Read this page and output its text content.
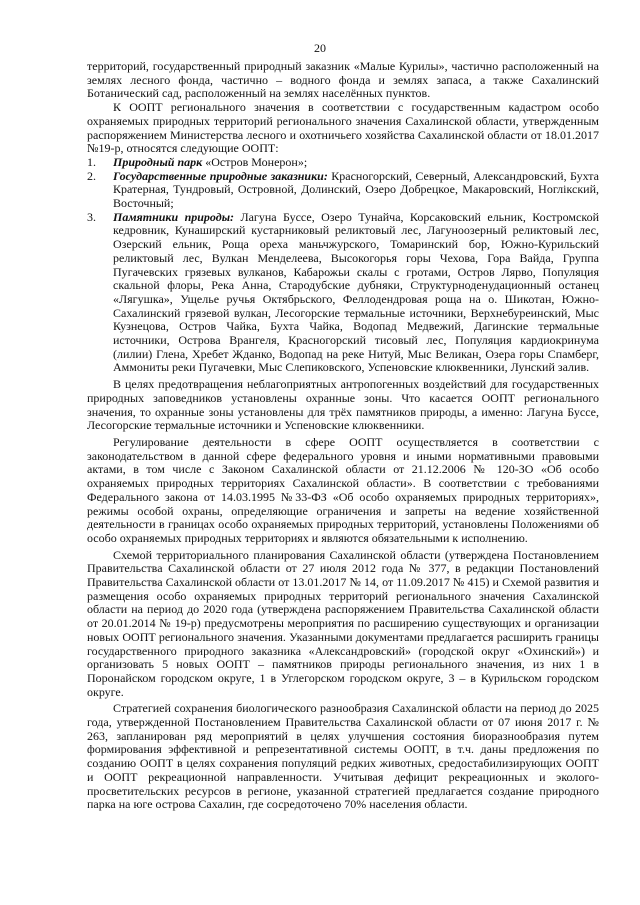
20

территорий, государственный природный заказник «Малые Курилы», частично расположенный на землях лесного фонда, частично – водного фонда и землях запаса, а также Сахалинский Ботанический сад, расположенный на землях населённых пунктов.

К ООПТ регионального значения в соответствии с государственным кадастром особо охраняемых природных территорий регионального значения Сахалинской области, утвержденным распоряжением Министерства лесного и охотничьего хозяйства Сахалинской области от 18.01.2017 №19-р, относятся следующие ООПТ:

1. Природный парк «Остров Монерон»;
2. Государственные природные заказники: Красногорский, Северный, Александровский, Бухта Кратерная, Тундровый, Островной, Долинский, Озеро Добрецкое, Макаровский, Ноглікский, Восточный;
3. Памятники природы: Лагуна Буссе, Озеро Тунайча, Корсаковский ельник, Костромской кедровник, Кунаширский кустарниковый реликтовый лес, Лагуноозерный реликтовый лес, Озерский ельник, Роща ореха маньчжурского, Томаринский бор, Южно-Курильский реликтовый лес, Вулкан Менделеева, Высокогорья горы Чехова, Гора Вайда, Группа Пугачевских грязевых вулканов, Кабарожьи скалы с гротами, Остров Лярво, Популяция скальной флоры, Река Анна, Стародубские дубняки, Структурноденудационный останец «Лягушка», Ущелье ручья Октябрьского, Феллодендровая роща на о. Шикотан, Южно-Сахалинский грязевой вулкан, Лесогорские термальные источники, Верхнебуреинский, Мыс Кузнецова, Остров Чайка, Бухта Чайка, Водопад Медвежий, Дагинские термальные источники, Острова Врангеля, Красногорский тисовый лес, Популяция кардиокринума (лилии) Глена, Хребет Жданко, Водопад на реке Нитуй, Мыс Великан, Озера горы Спамберг, Аммониты реки Пугачевки, Мыс Слепиковского, Успеновские клюквенники, Лунский залив.

В целях предотвращения неблагоприятных антропогенных воздействий для государственных природных заповедников установлены охранные зоны. Что касается ООПТ регионального значения, то охранные зоны установлены для трёх памятников природы, а именно: Лагуна Буссе, Лесогорские термальные источники и Успеновские клюквенники.

Регулирование деятельности в сфере ООПТ осуществляется в соответствии с законодательством в данной сфере федерального уровня и иными нормативными правовыми актами, в том числе с Законом Сахалинской области от 21.12.2006 № 120-ЗО «Об особо охраняемых природных территориях Сахалинской области». В соответствии с требованиями Федерального закона от 14.03.1995 №33-ФЗ «Об особо охраняемых природных территориях», режимы особой охраны, определяющие ограничения и запреты на ведение хозяйственной деятельности в границах особо охраняемых природных территорий, установлены Положениями об особо охраняемых природных территориях и являются обязательными к исполнению.

Схемой территориального планирования Сахалинской области (утверждена Постановлением Правительства Сахалинской области от 27 июля 2012 года № 377, в редакции Постановлений Правительства Сахалинской области от 13.01.2017 № 14, от 11.09.2017 № 415) и Схемой развития и размещения особо охраняемых природных территорий регионального значения Сахалинской области на период до 2020 года (утверждена распоряжением Правительства Сахалинской области от 20.01.2014 № 19-р) предусмотрены мероприятия по расширению существующих и организации новых ООПТ регионального значения. Указанными документами предлагается расширить границы государственного природного заказника «Александровский» (городской округ «Охинский») и организовать 5 новых ООПТ – памятников природы регионального значения, из них 1 в Поронайском городском округе, 1 в Углегорском городском округе, 3 – в Курильском городском округе.

Стратегией сохранения биологического разнообразия Сахалинской области на период до 2025 года, утвержденной Постановлением Правительства Сахалинской области от 07 июня 2017 г. № 263, запланирован ряд мероприятий в целях улучшения состояния биоразнообразия путем формирования эффективной и репрезентативной системы ООПТ, в т.ч. даны предложения по созданию ООПТ в целях сохранения популяций редких животных, средостабилизирующих ООПТ и ООПТ рекреационной направленности. Учитывая дефицит рекреационных и эколого-просветительских ресурсов в регионе, указанной стратегией предлагается создание природного парка на юге острова Сахалин, где сосредоточено 70% населения области.
